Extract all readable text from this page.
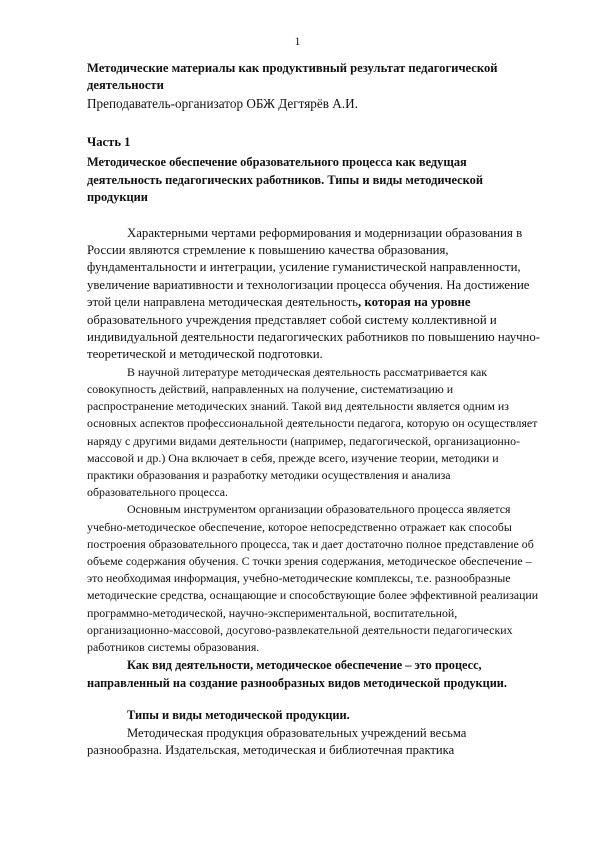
1

Методические материалы как продуктивный результат педагогической деятельности

Преподаватель-организатор ОБЖ Дегтярёв А.И.

Часть 1

Методическое обеспечение образовательного процесса как ведущая деятельность педагогических работников. Типы и виды методической продукции

Характерными чертами реформирования и модернизации образования в России являются стремление к повышению качества образования, фундаментальности и интеграции, усиление гуманистической направленности, увеличение вариативности и технологизации процесса обучения. На достижение этой цели направлена методическая деятельность, которая на уровне образовательного учреждения представляет собой систему коллективной и индивидуальной деятельности педагогических работников по повышению научно-теоретической и методической подготовки.

В научной литературе методическая деятельность рассматривается как совокупность действий, направленных на получение, систематизацию и распространение методических знаний. Такой вид деятельности является одним из основных аспектов профессиональной деятельности педагога, которую он осуществляет наряду с другими видами деятельности (например, педагогической, организационно-массовой и др.) Она включает в себя, прежде всего, изучение теории, методики и практики образования и разработку методики осуществления и анализа образовательного процесса.

Основным инструментом организации образовательного процесса является учебно-методическое обеспечение, которое непосредственно отражает как способы построения образовательного процесса, так и дает достаточно полное представление об объеме содержания обучения. С точки зрения содержания, методическое обеспечение – это необходимая информация, учебно-методические комплексы, т.е. разнообразные методические средства, оснащающие и способствующие более эффективной реализации программно-методической, научно-экспериментальной, воспитательной, организационно-массовой, досугово-развлекательной деятельности педагогических работников системы образования.

Как вид деятельности, методическое обеспечение – это процесс, направленный на создание разнообразных видов методической продукции.

Типы и виды методической продукции.

Методическая продукция образовательных учреждений весьма разнообразна. Издательская, методическая и библиотечная практика
